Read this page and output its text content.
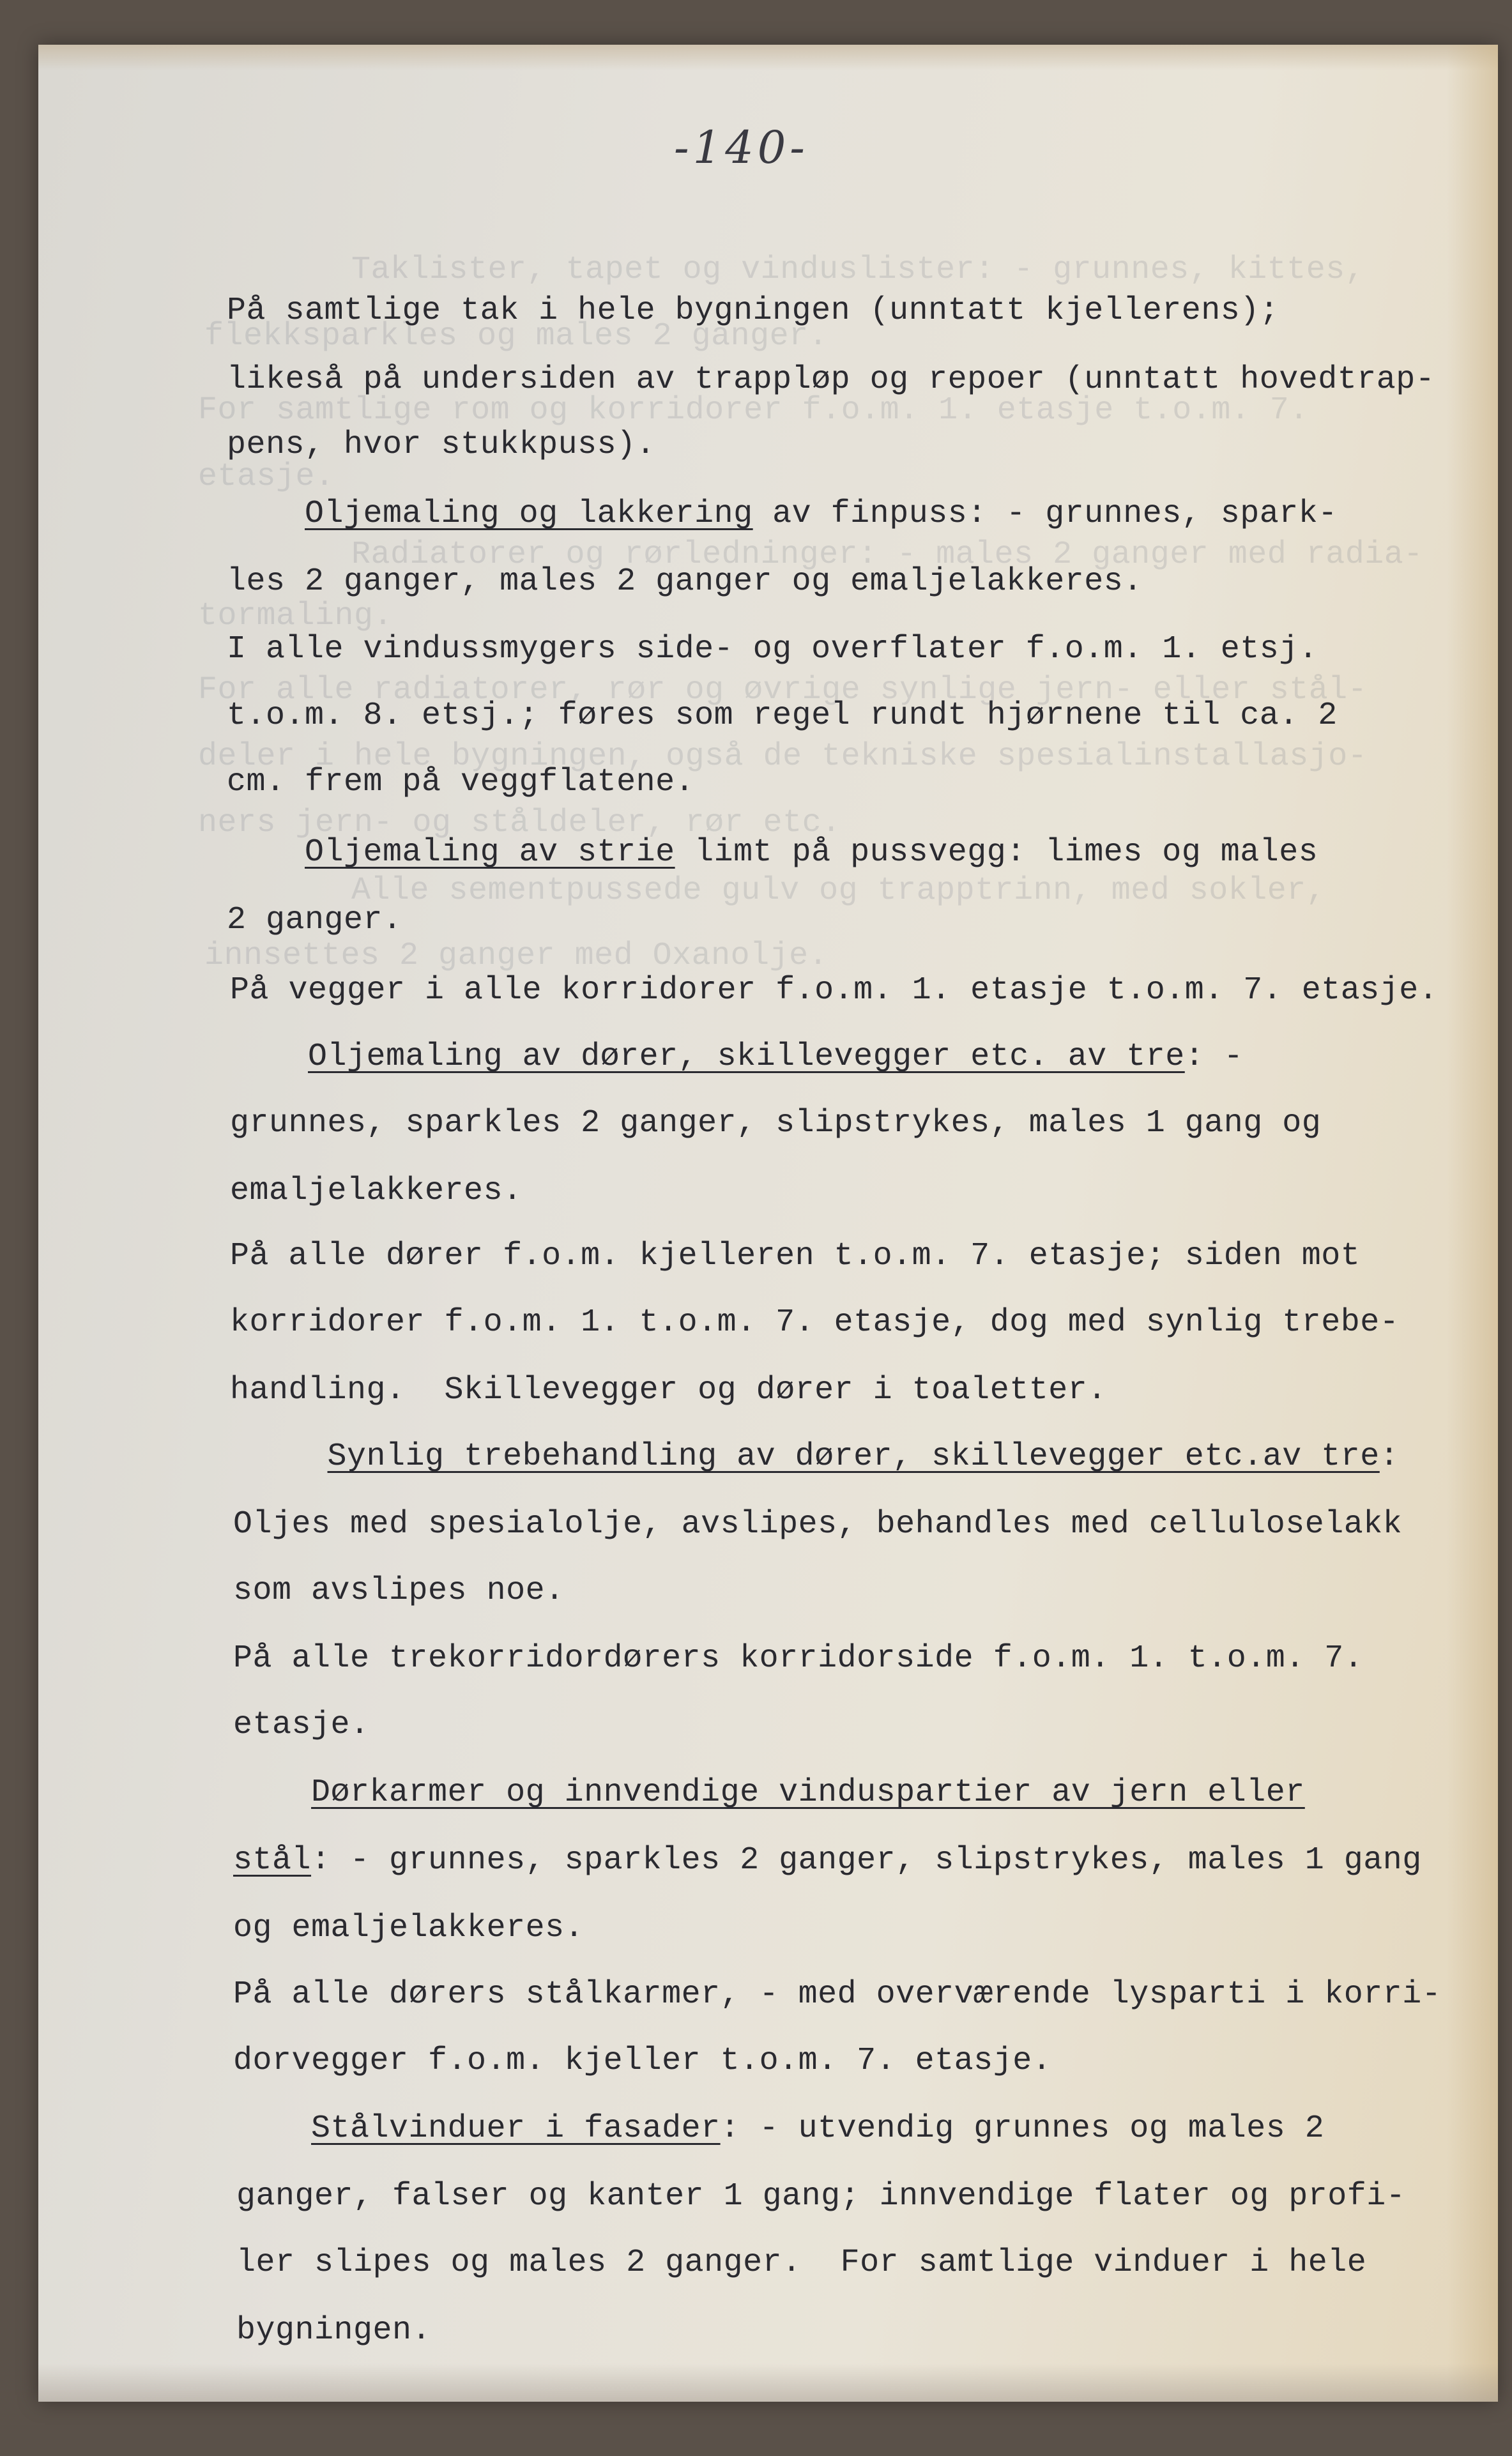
-140-
Taklister, tapet og vinduslister: - grunnes, kittes,
flekksparkles og males 2 ganger.
For samtlige rom og korridorer f.o.m. 1. etasje t.o.m. 7.
etasje.
Radiatorer og rørledninger: - males 2 ganger med radia-
tormaling.
For alle radiatorer, rør og øvrige synlige jern- eller stål-
deler i hele bygningen, også de tekniske spesialinstallasjo-
ners jern- og ståldeler, rør etc.
Alle sementpussede gulv og trapptrinn, med sokler,
innsettes 2 ganger med Oxanolje.
På samtlige tak i hele bygningen (unntatt kjellerens);
likeså på undersiden av trappløp og repoer (unntatt hovedtrap-
pens, hvor stukkpuss).
Oljemaling og lakkering av finpuss: - grunnes, spark-
les 2 ganger, males 2 ganger og emaljelakkeres.
I alle vindussmygers side- og overflater f.o.m. 1. etsj.
t.o.m. 8. etsj.; føres som regel rundt hjørnene til ca. 2
cm. frem på veggflatene.
Oljemaling av strie limt på pussvegg: limes og males
2 ganger.
På vegger i alle korridorer f.o.m. 1. etasje t.o.m. 7. etasje.
Oljemaling av dører, skillevegger etc. av tre: -
grunnes, sparkles 2 ganger, slipstrykes, males 1 gang og
emaljelakkeres.
På alle dører f.o.m. kjelleren t.o.m. 7. etasje; siden mot
korridorer f.o.m. 1. t.o.m. 7. etasje, dog med synlig trebe-
handling.  Skillevegger og dører i toaletter.
Synlig trebehandling av dører, skillevegger etc.av tre:
Oljes med spesialolje, avslipes, behandles med celluloselakk
som avslipes noe.
På alle trekorridordørers korridorside f.o.m. 1. t.o.m. 7.
etasje.
Dørkarmer og innvendige vinduspartier av jern eller
stål: - grunnes, sparkles 2 ganger, slipstrykes, males 1 gang
og emaljelakkeres.
På alle dørers stålkarmer, - med overværende lysparti i korri-
dorvegger f.o.m. kjeller t.o.m. 7. etasje.
Stålvinduer i fasader: - utvendig grunnes og males 2
ganger, falser og kanter 1 gang; innvendige flater og profi-
ler slipes og males 2 ganger.  For samtlige vinduer i hele
bygningen.
